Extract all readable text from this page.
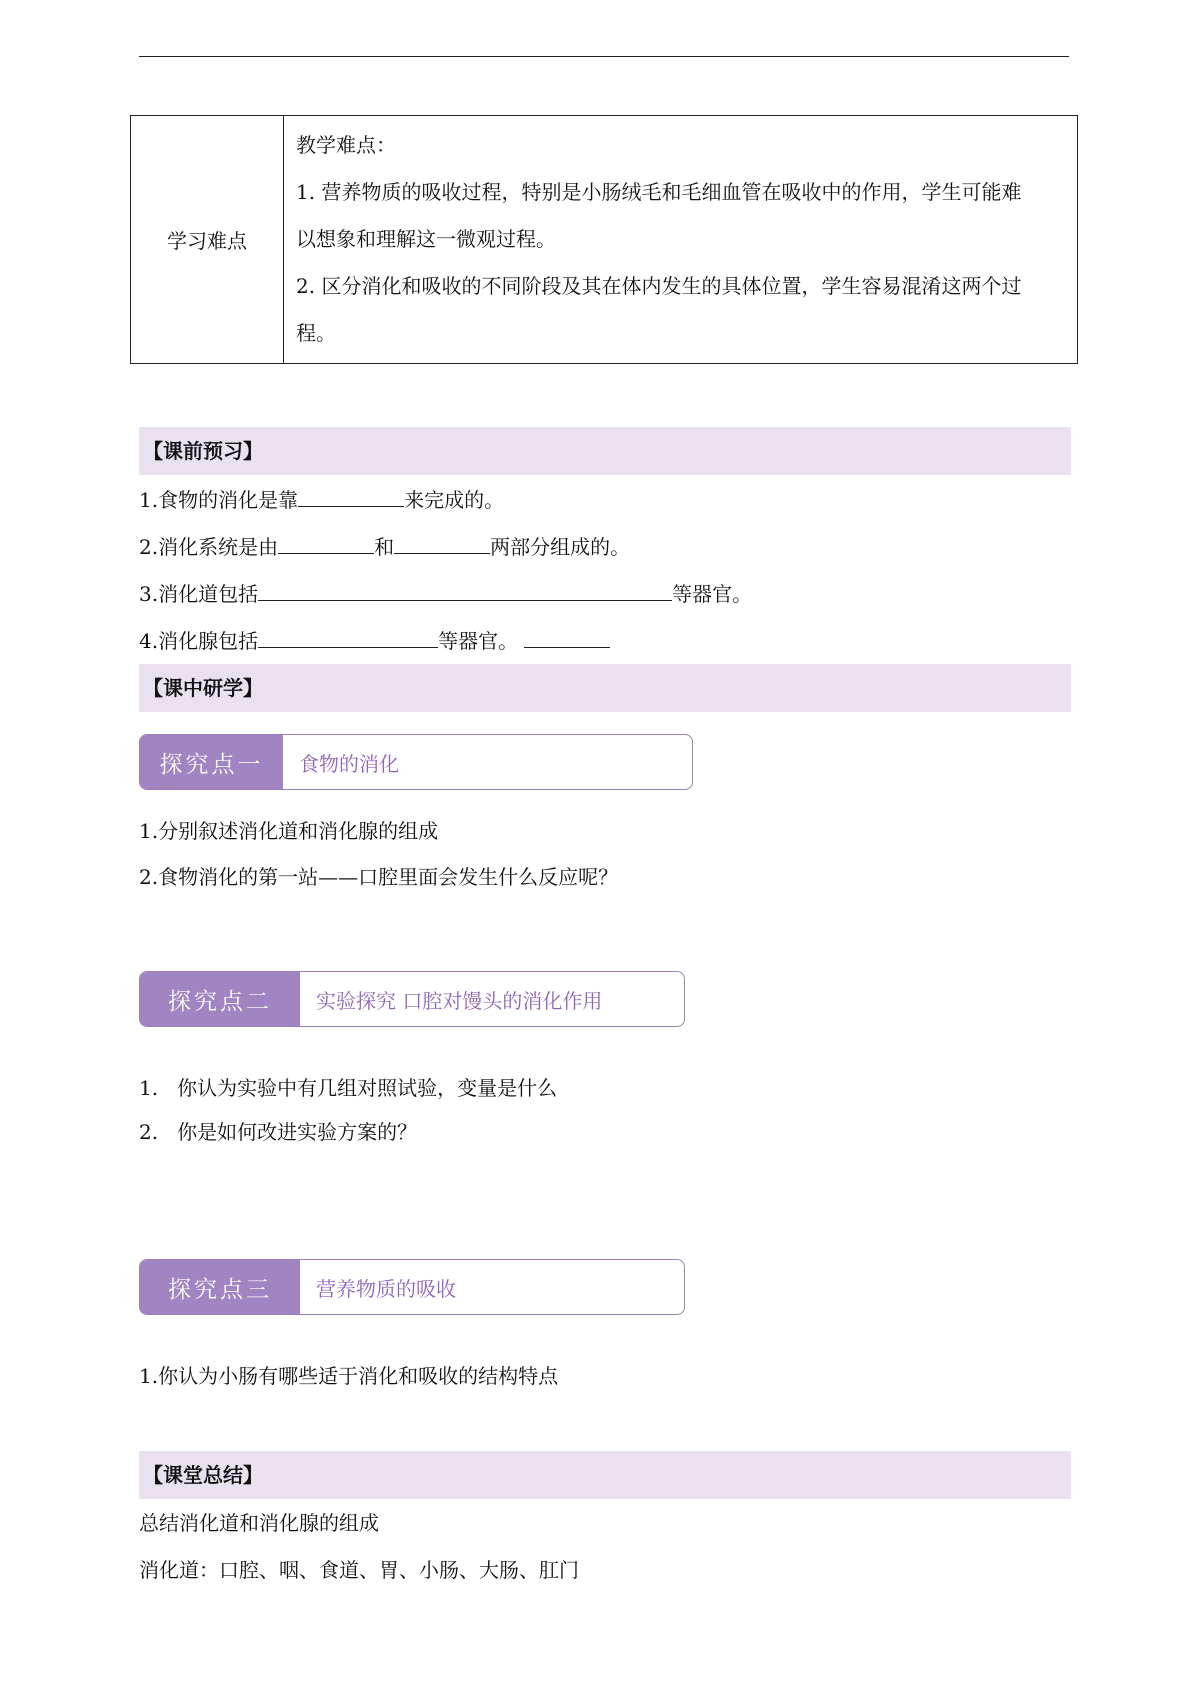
学习难点	

教学难点：

1. 营养物质的吸收过程，特别是小肠绒毛和毛细血管在吸收中的作用，学生可能难

以想象和理解这一微观过程。

2. 区分消化和吸收的不同阶段及其在体内发生的具体位置，学生容易混淆这两个过

程。

【课前预习】
1.食物的消化是靠	来完成的。
2.消化系统是由	和	两部分组成的。
3.消化道包括	等器官。
4.消化腺包括	等器官。
【课中研学】
探究点一	食物的消化
1.分别叙述消化道和消化腺的组成
2.食物消化的第一站——口腔里面会发生什么反应呢？
探究点二	实验探究 口腔对馒头的消化作用
1.   你认为实验中有几组对照试验，变量是什么
2.   你是如何改进实验方案的？
探究点三	营养物质的吸收
1.你认为小肠有哪些适于消化和吸收的结构特点
【课堂总结】
总结消化道和消化腺的组成
消化道：口腔、咽、食道、胃、小肠、大肠、肛门
